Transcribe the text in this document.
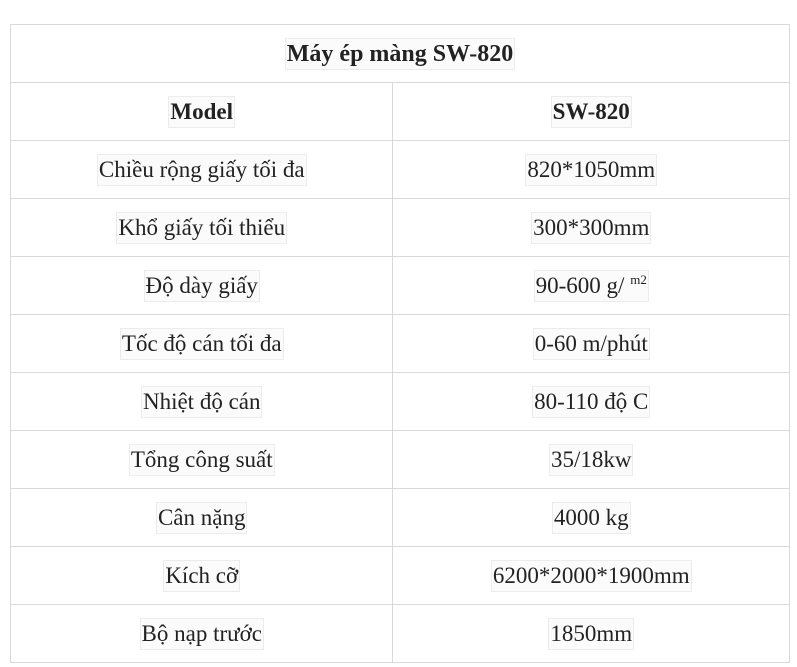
Máy ép màng SW-820	
Model	SW-820
Chiều rộng giấy tối đa	820*1050mm
Khổ giấy tối thiểu	300*300mm
Độ dày giấy	90-600 g/ $^{m2}$
Tốc độ cán tối đa	0-60 m/phút
Nhiệt độ cán	80-110 độ C
Tổng công suất	35/18kw
Cân nặng	4000 kg
Kích cỡ	6200*2000*1900mm
Bộ nạp trước	1850mm
